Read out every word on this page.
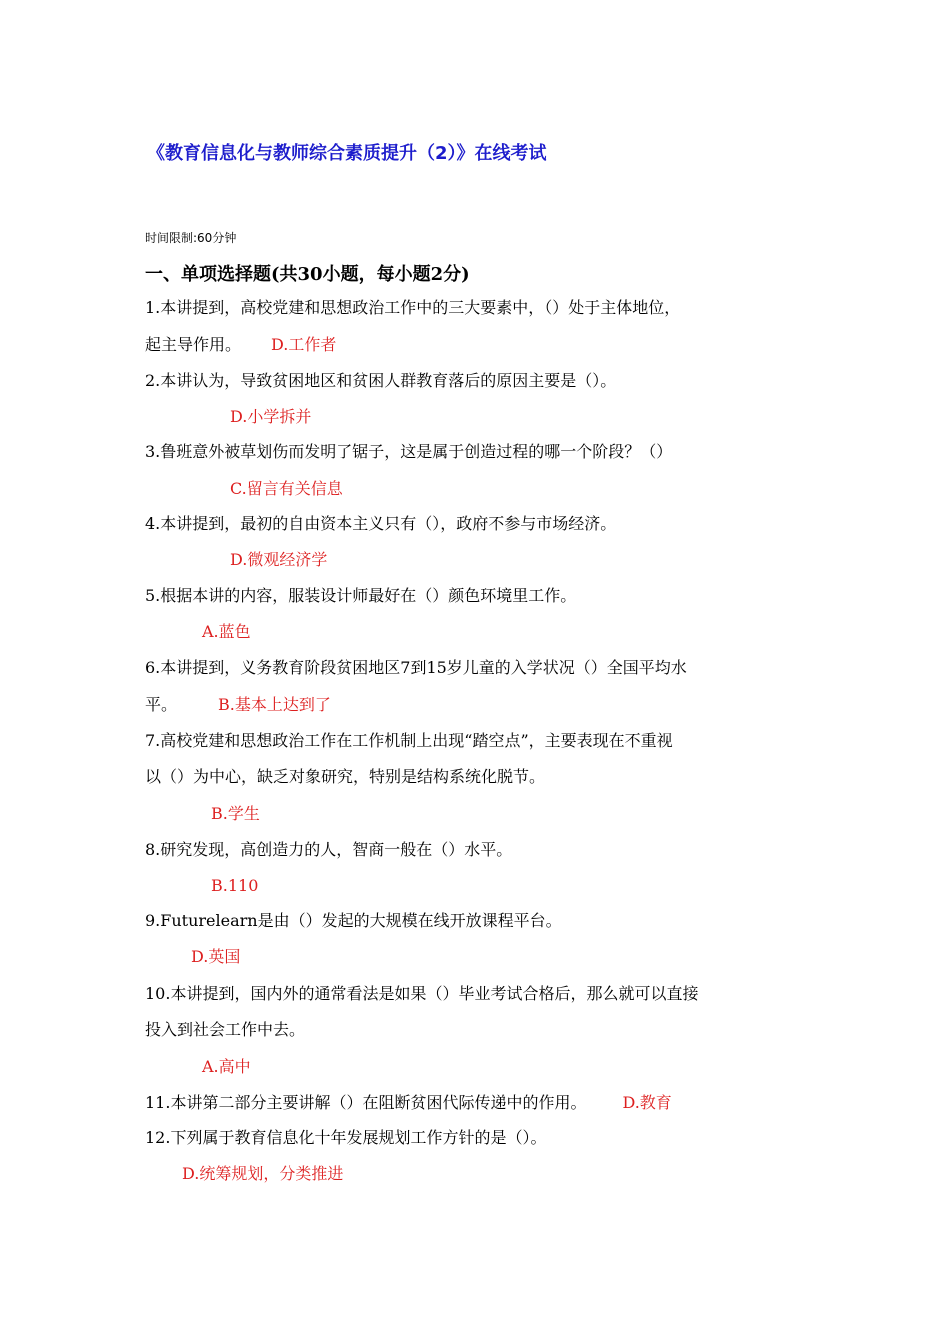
《教育信息化与教师综合素质提升（2）》在线考试
时间限制:60分钟
一、单项选择题(共30小题，每小题2分)
1.本讲提到，高校党建和思想政治工作中的三大要素中，（）处于主体地位，
起主导作用。 D.工作者
2.本讲认为，导致贫困地区和贫困人群教育落后的原因主要是（）。
D.小学拆并
3.鲁班意外被草划伤而发明了锯子，这是属于创造过程的哪一个阶段？（）
C.留言有关信息
4.本讲提到，最初的自由资本主义只有（），政府不参与市场经济。
D.微观经济学
5.根据本讲的内容，服装设计师最好在（）颜色环境里工作。
A.蓝色
6.本讲提到，义务教育阶段贫困地区7到15岁儿童的入学状况（）全国平均水
平。	B.基本上达到了
7.高校党建和思想政治工作在工作机制上出现“踏空点”，主要表现在不重视
以（）为中心，缺乏对象研究，特别是结构系统化脱节。
B.学生
8.研究发现，高创造力的人，智商一般在（）水平。
B.110
9.Futurelearn是由（）发起的大规模在线开放课程平台。
D.英国
10.本讲提到，国内外的通常看法是如果（）毕业考试合格后，那么就可以直接
投入到社会工作中去。
A.高中
11.本讲第二部分主要讲解（）在阻断贫困代际传递中的作用。 D.教育
12.下列属于教育信息化十年发展规划工作方针的是（）。
D.统筹规划，分类推进
